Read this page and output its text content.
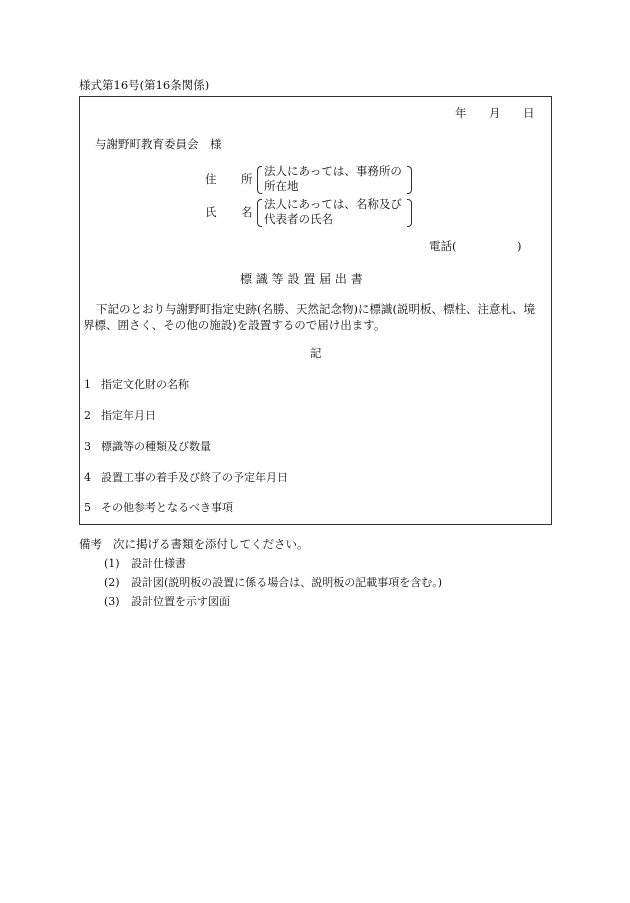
様式第16号(第16条関係)
年 月 日
与謝野町教育委員会　様
住 所
法人にあっては、事務所の
所在地
氏 名
法人にあっては、名称及び
代表者の氏名
電話(	)
標 識 等 設 置 届 出 書
下記のとおり与謝野町指定史跡(名勝、天然記念物)に標識(説明板、標柱、注意札、境
界標、囲さく、その他の施設)を設置するので届け出ます。
記
1 指定文化財の名称
2 指定年月日
3 標識等の種類及び数量
4 設置工事の着手及び終了の予定年月日
5 その他参考となるべき事項
備考 次に掲げる書類を添付してください。
(1) 設計仕様書
(2) 設計図(説明板の設置に係る場合は、説明板の記載事項を含む。)
(3) 設計位置を示す図面
